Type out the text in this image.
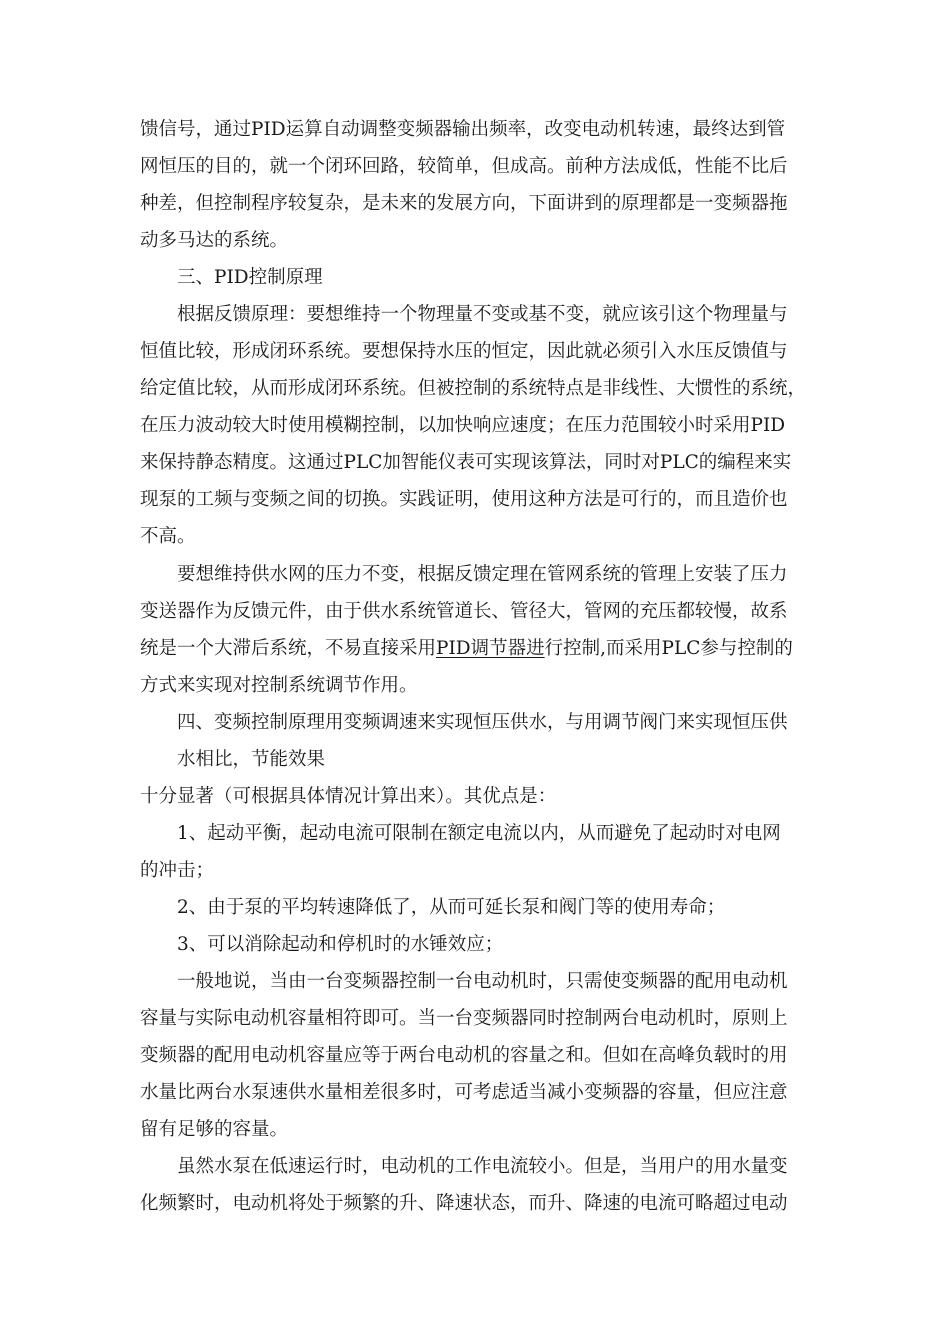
馈信号，通过PID运算自动调整变频器输出频率，改变电动机转速，最终达到管
网恒压的目的，就一个闭环回路，较简单，但成高。前种方法成低，性能不比后
种差，但控制程序较复杂，是未来的发展方向，下面讲到的原理都是一变频器拖
动多马达的系统。
三、PID控制原理
根据反馈原理：要想维持一个物理量不变或基不变，就应该引这个物理量与
恒值比较，形成闭环系统。要想保持水压的恒定，因此就必须引入水压反馈值与
给定值比较，从而形成闭环系统。但被控制的系统特点是非线性、大惯性的系统，
在压力波动较大时使用模糊控制，以加快响应速度；在压力范围较小时采用PID
来保持静态精度。这通过PLC加智能仪表可实现该算法，同时对PLC的编程来实
现泵的工频与变频之间的切换。实践证明，使用这种方法是可行的，而且造价也
不高。
要想维持供水网的压力不变，根据反馈定理在管网系统的管理上安装了压力
变送器作为反馈元件，由于供水系统管道长、管径大，管网的充压都较慢，故系
统是一个大滞后系统，不易直接采用PID调节器进行控制,而采用PLC参与控制的
方式来实现对控制系统调节作用。
四、变频控制原理用变频调速来实现恒压供水，与用调节阀门来实现恒压供
水相比，节能效果
十分显著（可根据具体情况计算出来）。其优点是：
1、起动平衡，起动电流可限制在额定电流以内，从而避免了起动时对电网
的冲击；
2、由于泵的平均转速降低了，从而可延长泵和阀门等的使用寿命；
3、可以消除起动和停机时的水锤效应；
一般地说，当由一台变频器控制一台电动机时，只需使变频器的配用电动机
容量与实际电动机容量相符即可。当一台变频器同时控制两台电动机时，原则上
变频器的配用电动机容量应等于两台电动机的容量之和。但如在高峰负载时的用
水量比两台水泵速供水量相差很多时，可考虑适当减小变频器的容量，但应注意
留有足够的容量。
虽然水泵在低速运行时，电动机的工作电流较小。但是，当用户的用水量变
化频繁时，电动机将处于频繁的升、降速状态，而升、降速的电流可略超过电动
